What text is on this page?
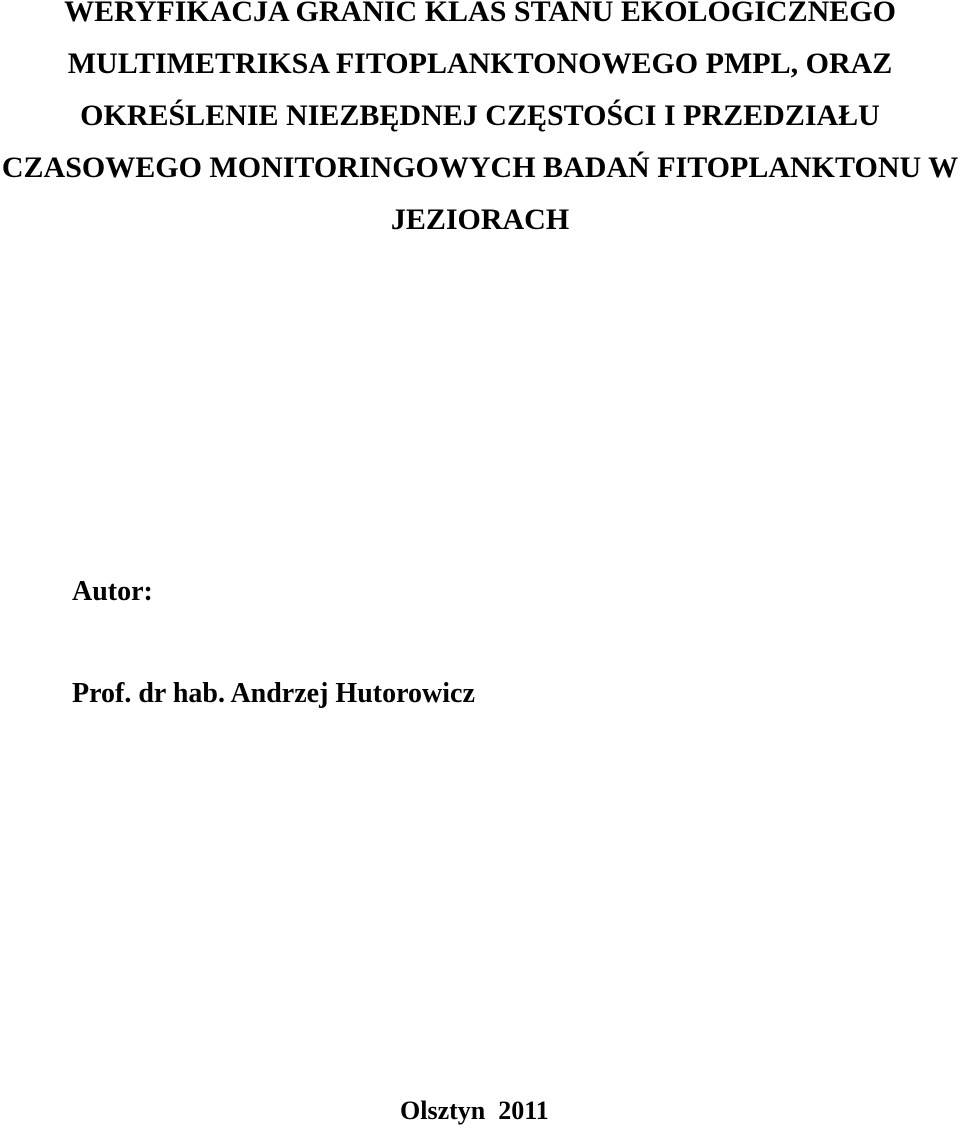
WERYFIKACJA GRANIC KLAS STANU EKOLOGICZNEGO
MULTIMETRIKSA FITOPLANKTONOWEGO PMPL, ORAZ
OKREŚLENIE NIEZBĘDNEJ CZĘSTOŚCI I PRZEDZIAŁU
CZASOWEGO MONITORINGOWYCH BADAŃ FITOPLANKTONU W
JEZIORACH

Autor:

Prof. dr hab. Andrzej Hutorowicz

Olsztyn  2011
